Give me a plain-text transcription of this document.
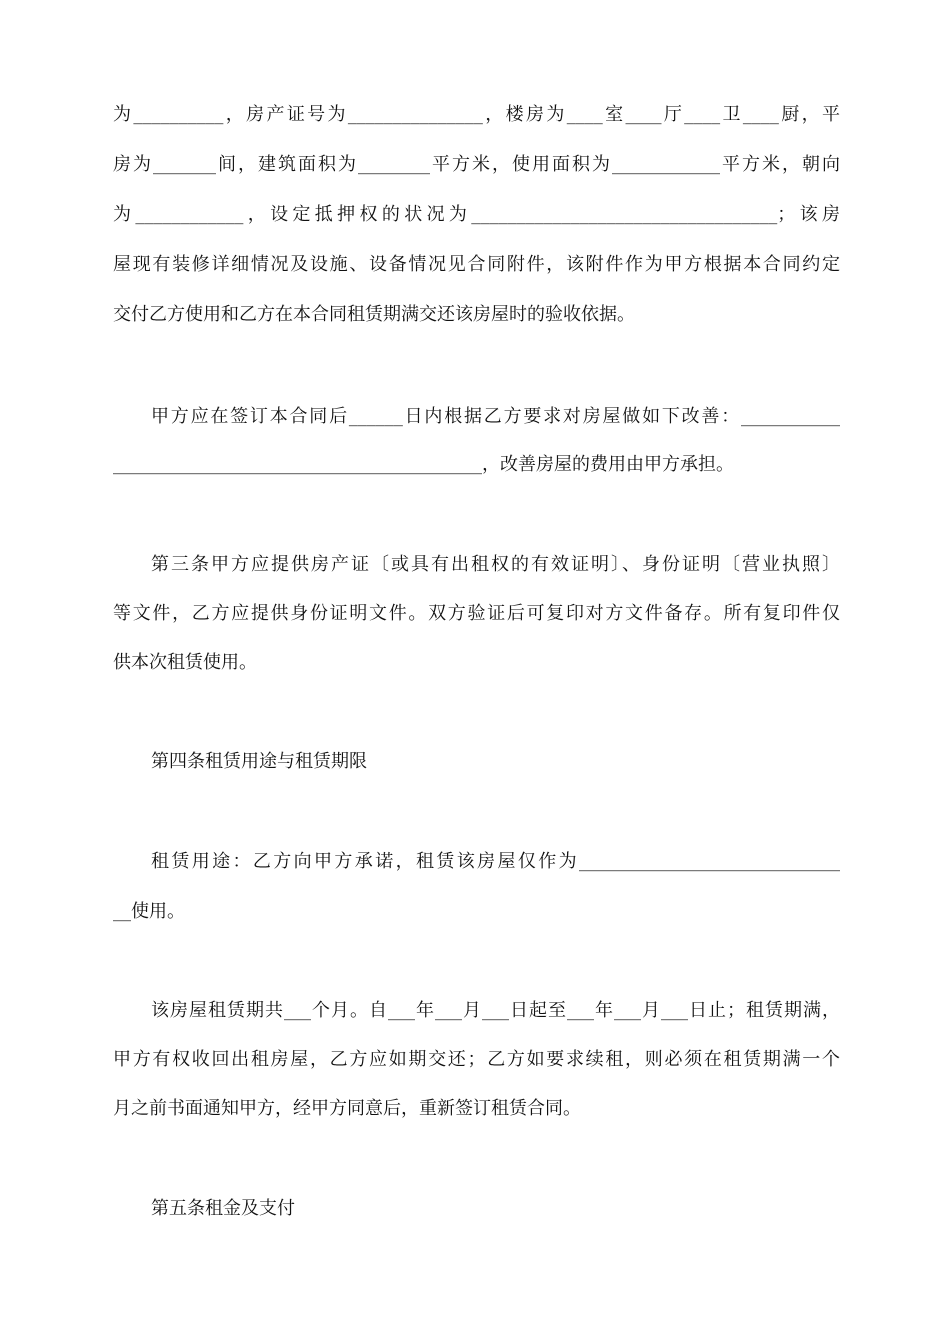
为__________，房产证号为_______________，楼房为____室____厅____卫____厨，平
房为_______间，建筑面积为________平方米，使用面积为____________平方米，朝向
为____________，设定抵押权的状况为__________________________________；该房
屋现有装修详细情况及设施、设备情况见合同附件，该附件作为甲方根据本合同约定
交付乙方使用和乙方在本合同租赁期满交还该房屋时的验收依据。
甲方应在签订本合同后______日内根据乙方要求对房屋做如下改善：___________
_________________________________________，改善房屋的费用由甲方承担。
第三条甲方应提供房产证〔或具有出租权的有效证明〕、身份证明〔营业执照〕
等文件，乙方应提供身份证明文件。双方验证后可复印对方文件备存。所有复印件仅
供本次租赁使用。
第四条租赁用途与租赁期限
租赁用途：乙方向甲方承诺，租赁该房屋仅作为_____________________________
__使用。
该房屋租赁期共___个月。自___年___月___日起至___年___月___日止；租赁期满，
甲方有权收回出租房屋，乙方应如期交还；乙方如要求续租，则必须在租赁期满一个
月之前书面通知甲方，经甲方同意后，重新签订租赁合同。
第五条租金及支付
